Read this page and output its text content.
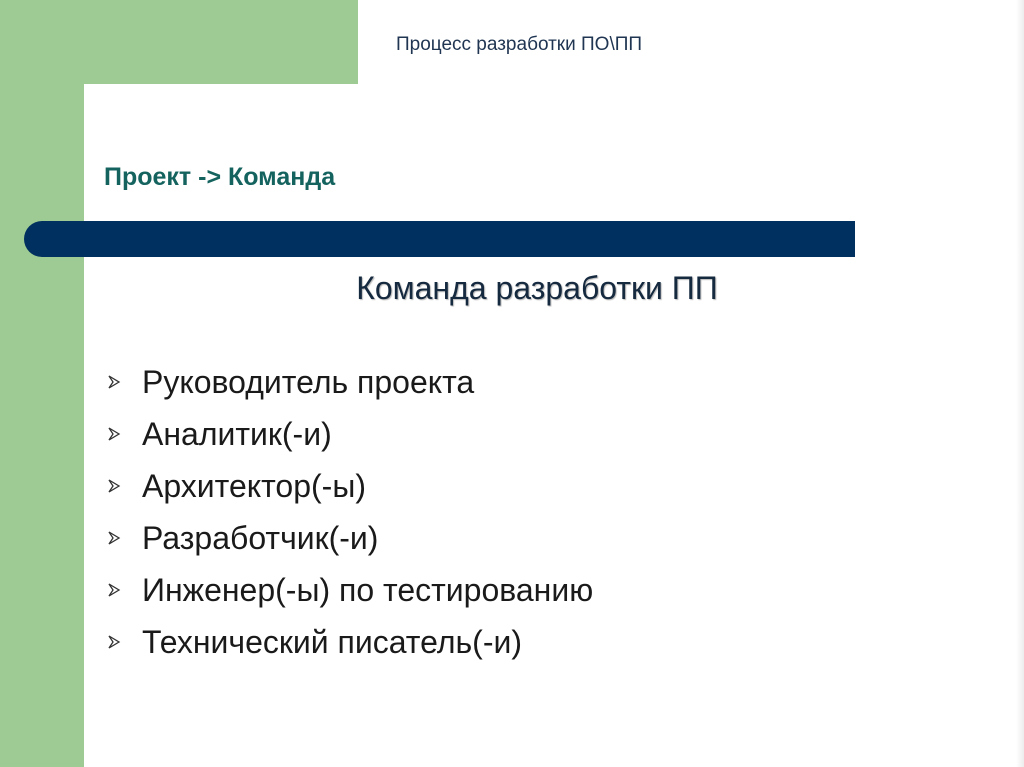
Процесс разработки ПО\ПП
Проект -> Команда
Команда разработки ПП
Руководитель проекта
Аналитик(-и)
Архитектор(-ы)
Разработчик(-и)
Инженер(-ы) по тестированию
Технический писатель(-и)
